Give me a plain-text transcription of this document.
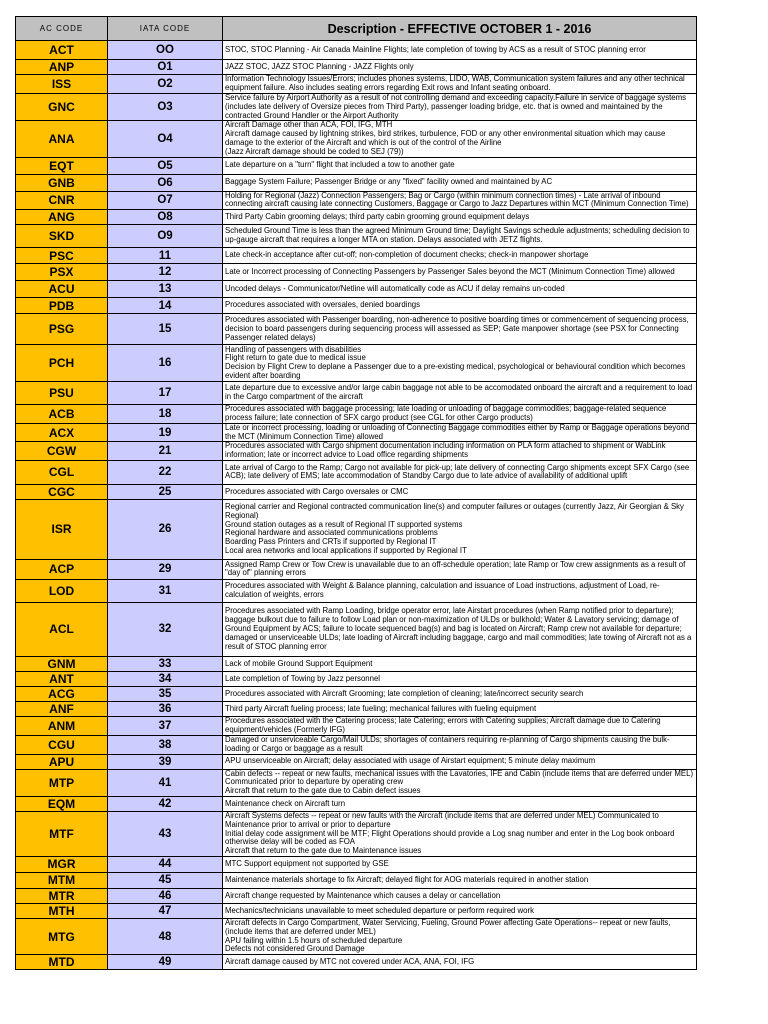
AC CODE	IATA CODE	Description - EFFECTIVE OCTOBER 1 - 2016
ACT	OO	STOC, STOC Planning - Air Canada Mainline Flights; late completion of towing by ACS as a result of STOC planning error
ANP	O1	JAZZ STOC, JAZZ STOC Planning - JAZZ Flights only
ISS	O2	Information Technology Issues/Errors; includes phones systems, LIDO, WAB, Communication system failures and any other technical equipment failure. Also includes seating errors regarding Exit rows and Infant seating onboard.
GNC	O3	Service failure by Airport Authority as a result of not controlling demand and exceeding capacity.Failure in service of baggage systems (includes late delivery of Oversize pieces from Third Party), passenger loading bridge, etc. that is owned and maintained by the contracted Ground Handler or the Airport Authority
ANA	O4	Aircraft Damage other than ACA, FOI, IFG, MTH
Aircraft damage caused by lightning strikes, bird strikes, turbulence, FOD or any other environmental situation which may cause damage to the exterior of the Aircraft and which is out of the control of the Airline
(Jazz Aircraft damage should be coded to SEJ (79))
EQT	O5	Late departure on a "turn" flight that included a tow to another gate
GNB	O6	Baggage System Failure; Passenger Bridge or any "fixed" facility owned and maintained by AC
CNR	O7	Holding for Regional (Jazz) Connection Passengers; Bag or Cargo (within minimum connection times) - Late arrival of inbound connecting aircraft causing late connecting Customers, Baggage or Cargo to Jazz Departures within MCT (Minimum Connection Time)
ANG	O8	Third Party Cabin grooming delays; third party cabin grooming ground equipment delays
SKD	O9	Scheduled Ground Time is less than the agreed Minimum Ground time; Daylight Savings schedule adjustments; scheduling decision to up-gauge aircraft that requires a longer MTA on station. Delays associated with JETZ flights.
PSC	11	Late check-in acceptance after cut-off; non-completion of document checks; check-in manpower shortage
PSX	12	Late or Incorrect processing of Connecting Passengers by Passenger Sales beyond the MCT (Minimum Connection Time) allowed
ACU	13	Uncoded delays - Communicator/Netline will automatically code as ACU if delay remains un-coded
PDB	14	Procedures associated with oversales, denied boardings
PSG	15	Procedures associated with Passenger boarding, non-adherence to positive boarding times or commencement of sequencing process, decision to board passengers during sequencing process will assessed as SEP; Gate manpower shortage (see PSX for Connecting Passenger related delays)
PCH	16	Handling of passengers with disabilities
Flight return to gate due to medical issue
Decision by Flight Crew to deplane a Passenger due to a pre-existing medical, psychological or behavioural condition which becomes evident after boarding
PSU	17	Late departure due to excessive and/or large cabin baggage not able to be accomodated onboard the aircraft and a requirement to load in the Cargo compartment of the aircraft
ACB	18	Procedures associated with baggage processing; late loading or unloading of baggage commodities; baggage-related sequence process failure; late connection of SFX cargo product (see CGL for other Cargo products)
ACX	19	Late or incorrect processing, loading or unloading of Connecting Baggage commodities either by Ramp or Baggage operations beyond the MCT (Minimum Connection Time) allowed
CGW	21	Procedures associated with Cargo shipment documentation including information on PLA form attached to shipment or WabLink information; late or incorrect advice to Load office regarding shipments
CGL	22	Late arrival of Cargo to the Ramp; Cargo not available for pick-up; late delivery of connecting Cargo shipments except SFX Cargo (see ACB); late delivery of EMS; late accommodation of Standby Cargo due to late advice of availability of additional uplift
CGC	25	Procedures associated with Cargo oversales or CMC
ISR	26	Regional carrier and Regional contracted communication line(s) and computer failures or outages (currently Jazz, Air Georgian & Sky Regional)
Ground station outages as a result of Regional IT supported systems
Regional hardware and associated communications problems
Boarding Pass Printers and CRTs if supported by Regional IT
Local area networks and local applications if supported by Regional IT
ACP	29	Assigned Ramp Crew or Tow Crew is unavailable due to an off-schedule operation; late Ramp or Tow crew assignments as a result of "day of" planning errors
LOD	31	Procedures associated with Weight & Balance planning, calculation and issuance of Load instructions, adjustment of Load, re-calculation of weights, errors
ACL	32	Procedures associated with Ramp Loading, bridge operator error, late Airstart procedures (when Ramp notified prior to departure); baggage bulkout due to failure to follow Load plan or non-maximization of ULDs or bulkhold; Water & Lavatory servicing; damage of Ground Equipment by ACS; failure to locate sequenced bag(s) and bag is located on Aircraft; Ramp crew not available for departure; damaged or unserviceable ULDs; late loading of Aircraft including baggage, cargo and mail commodities; late towing of Aircraft not as a result of STOC planning error
GNM	33	Lack of mobile Ground Support Equipment
ANT	34	Late completion of Towing by Jazz personnel
ACG	35	Procedures associated with Aircraft Grooming; late completion of cleaning; late/incorrect security search
ANF	36	Third party Aircraft fueling process; late fueling; mechanical failures with fueling equipment
ANM	37	Procedures associated with the Catering process; late Catering; errors with Catering supplies; Aircraft damage due to Catering equipment/vehicles (Formerly IFG)
CGU	38	Damaged or unserviceable Cargo/Mail ULDs; shortages of containers requiring re-planning of Cargo shipments causing the bulk-loading or Cargo or baggage as a result
APU	39	APU unserviceable on Aircraft; delay associated with usage of Airstart equipment; 5 minute delay maximum
MTP	41	Cabin defects -- repeat or new faults, mechanical issues with the Lavatories, IFE and Cabin (include items that are deferred under MEL) Communicated prior to departure by operating crew
Aircraft that return to the gate due to Cabin defect issues
EQM	42	Maintenance check on Aircraft turn
MTF	43	Aircraft Systems defects -- repeat or new faults with the Aircraft (include items that are deferred under MEL) Communicated to Maintenance prior to arrival or prior to departure
Initial delay code assignment will be MTF; Flight Operations should provide a Log snag number and enter in the Log book onboard otherwise delay will be coded as FOA
Aircraft that return to the gate due to Maintenance issues
MGR	44	MTC Support equipment not supported by GSE
MTM	45	Maintenance materials shortage to fix Aircraft; delayed flight for AOG materials required in another station
MTR	46	Aircraft change requested by Maintenance which causes a delay or cancellation
MTH	47	Mechanics/technicians unavailable to meet scheduled departure or perform required work
MTG	48	Aircraft defects in Cargo Compartment, Water Servicing, Fueling, Ground Power affecting Gate Operations-- repeat or new faults, (include items that are deferred under MEL)
APU failing within 1.5 hours of scheduled departure
Defects not considered Ground Damage
MTD	49	Aircraft damage caused by MTC not covered under ACA, ANA, FOI, IFG
